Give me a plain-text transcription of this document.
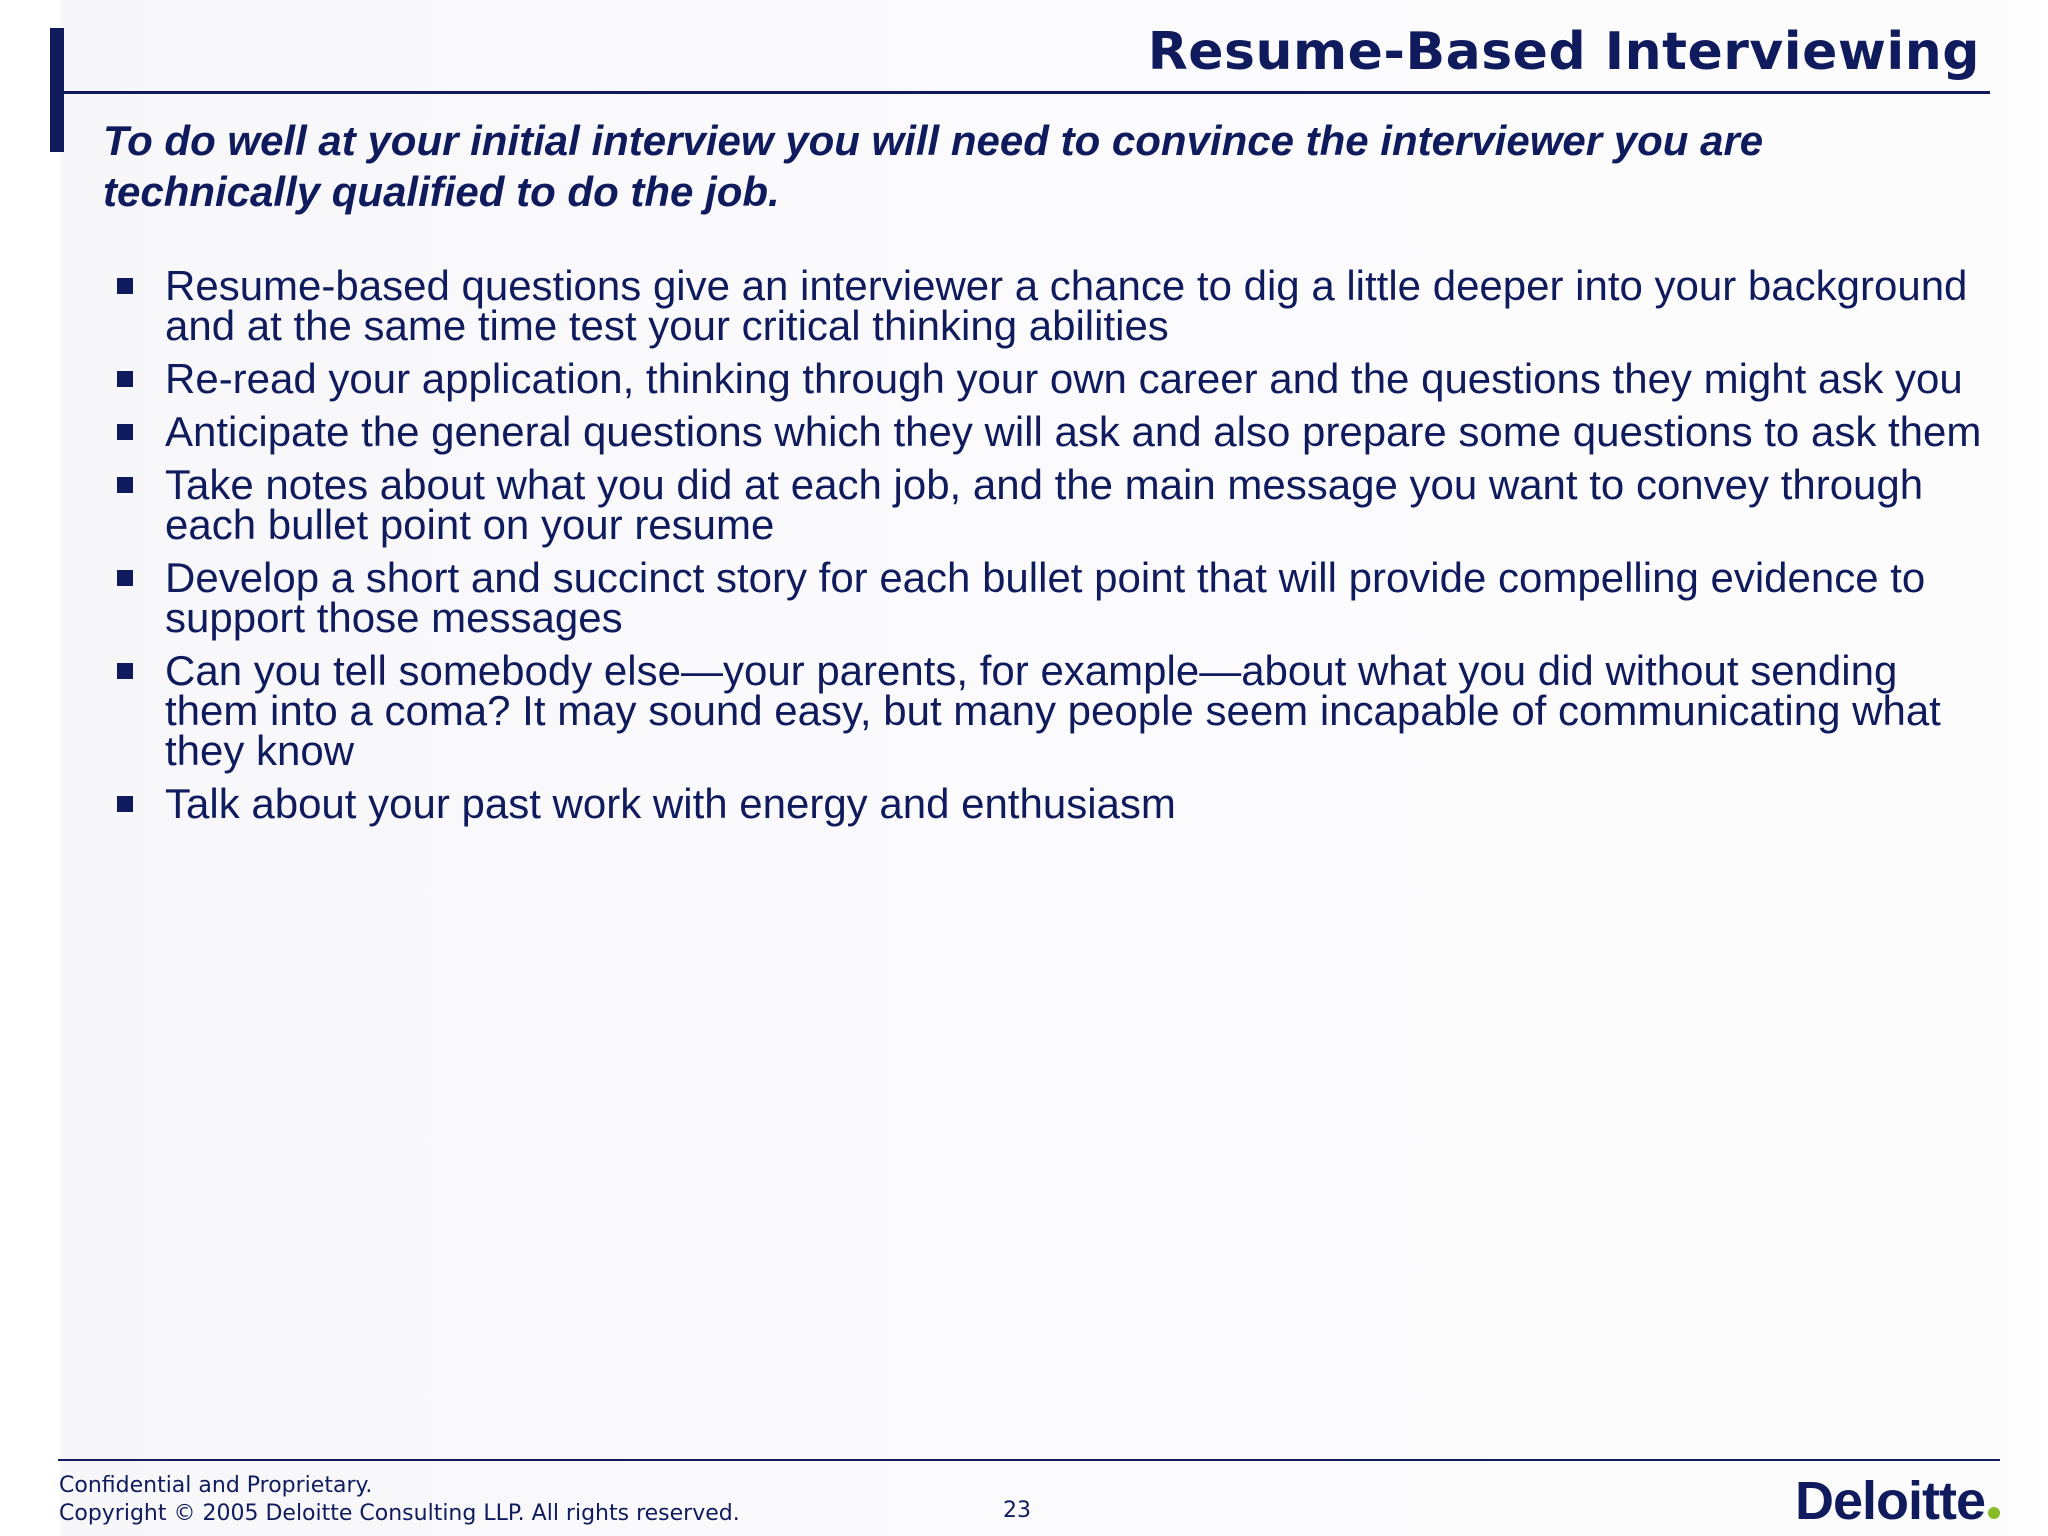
Resume-Based Interviewing
To do well at your initial interview you will need to convince the interviewer you are technically qualified to do the job.
Resume-based questions give an interviewer a chance to dig a little deeper into your background and at the same time test your critical thinking abilities
Re-read your application, thinking through your own career and the questions they might ask you
Anticipate the general questions which they will ask and also prepare some questions to ask them
Take notes about what you did at each job, and the main message you want to convey through each bullet point on your resume
Develop a short and succinct story for each bullet point that will provide compelling evidence to support those messages
Can you tell somebody else—your parents, for example—about what you did without sending them into a coma? It may sound easy, but many people seem incapable of communicating what they know
Talk about your past work with energy and enthusiasm
Confidential and Proprietary.
Copyright © 2005 Deloitte Consulting LLP. All rights reserved.	23	Deloitte
